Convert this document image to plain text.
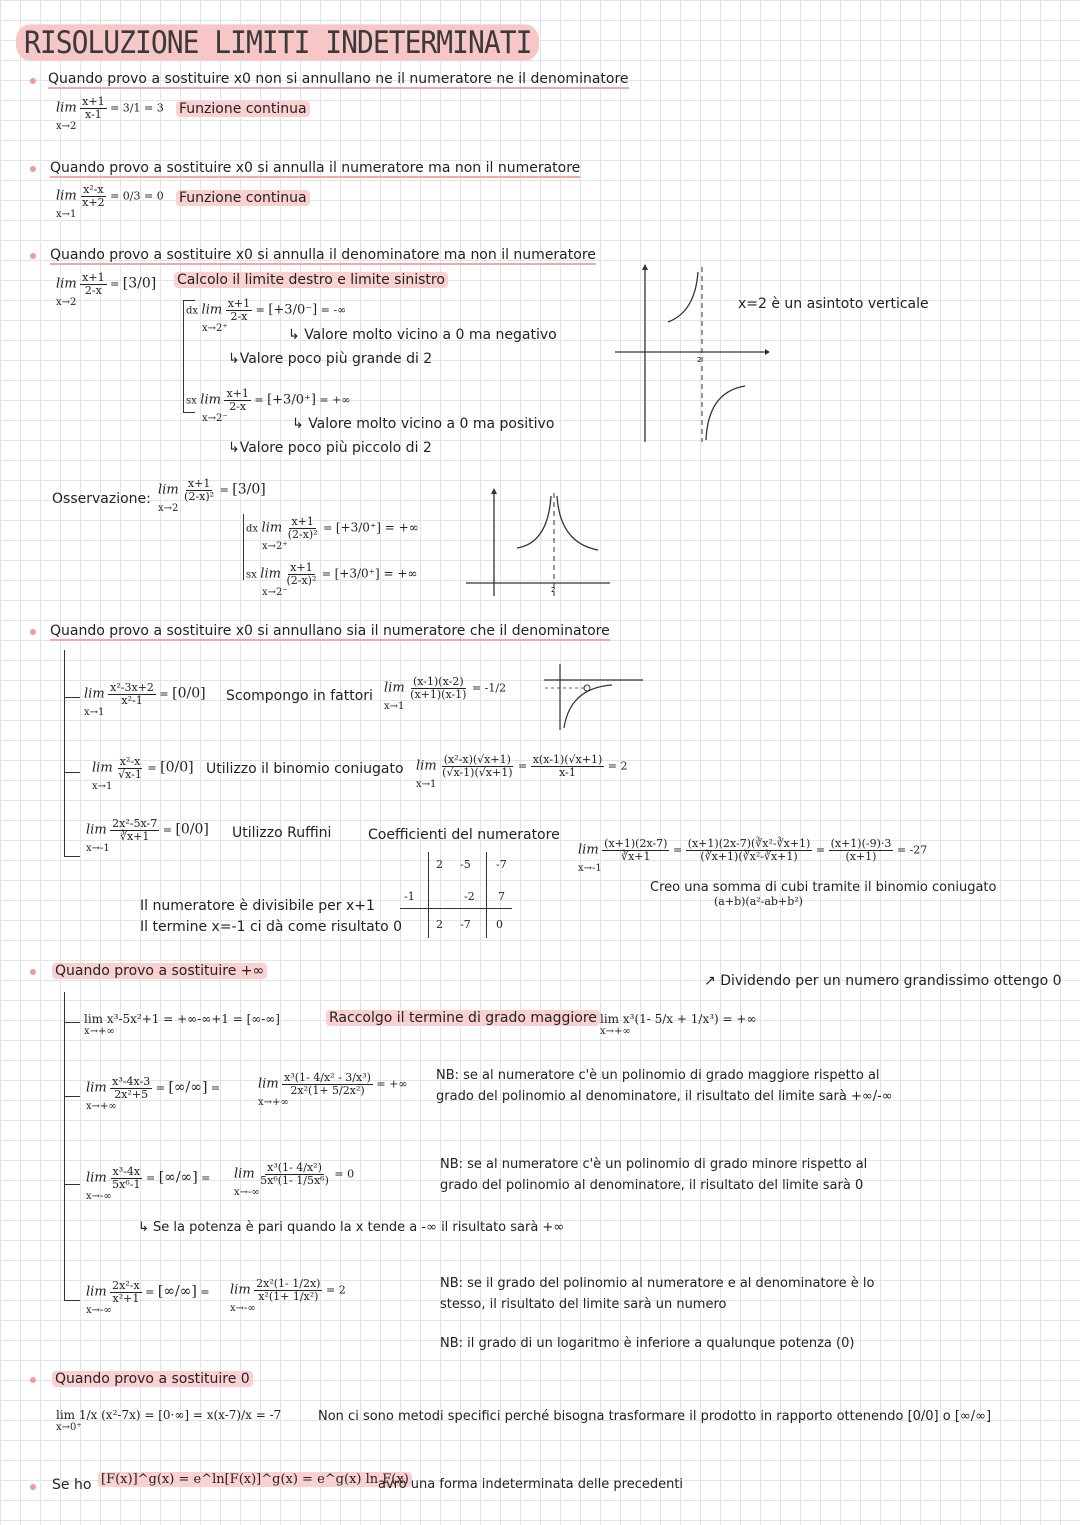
RISOLUZIONE LIMITI INDETERMINATI
Quando provo a sostituire x0 non si annullano ne il numeratore ne il denominatore
$\lim \frac{x+1}{x-1} = 3/1 = 3$
x→2
Funzione continua
Quando provo a sostituire x0 si annulla il numeratore ma non il numeratore
$\lim \frac{\text{x²-x}}{x+2} = 0/3 = 0$
x→1
Funzione continua
Quando provo a sostituire x0 si annulla il denominatore ma non il numeratore
$\lim \frac{x+1}{2-x} = [3/0]$
x→2
Calcolo il limite destro e limite sinistro
dx $\lim \frac{x+1}{2-x} = [+3/0^-]$ = -∞
x→2⁺	↳ Valore molto vicino a 0 ma negativo
↳Valore poco più grande di 2
sx $\lim \frac{x+1}{2-x} = [+3/0^+]$ = +∞
x→2⁻	↳ Valore molto vicino a 0 ma positivo
↳Valore poco più piccolo di 2
2
x=2 è un asintoto verticale
Osservazione:
$\lim \frac{x+1}{\text{(2-x)²}} = [3/0]$
x→2
dx $\lim \frac{x+1}{\text{(2-x)²}} = [+3/0^+]$ = +∞
x→2⁺
sx $\lim \frac{x+1}{\text{(2-x)²}} = [+3/0^+]$ = +∞
x→2⁻	2
Quando provo a sostituire x0 si annullano sia il numeratore che il denominatore
$\lim \frac{\text{x²-3x+2}}{\text{x²-1}} = [0/0]$
x→1
Scompongo in fattori $\lim \frac{(x-1)(x-2)}{(x+1)(x-1)} = -1/2$
x→1
$\lim \frac{\text{x²-x}}{√x-1} = [0/0]$
x→1
Utilizzo il binomio coniugato $\lim \frac{\text{(x²-x)(√x+1)}}{(√x-1)(√x+1)} = \frac{x(x-1)(√x+1)}{x-1} = 2$
x→1
$\lim \frac{\text{2x²-5x-7}}{∛x+1} = [0/0]$
x→-1
Utilizzo Ruffini	Coefficienti del numeratore
2 -5 -7
-1	-2 7
2 -7 0
Il numeratore è divisibile per x+1
Il termine x=-1 ci dà come risultato 0
$\lim \frac{(x+1)(2x-7)}{∛x+1} = \frac{\text{(x+1)(2x-7)(∛x²-∛x+1)}}{\text{(∛x+1)(∛x²-∛x+1)}} = \frac{(x+1)(-9)\cdot 3}{(x+1)} = -27$
x→-1
Creo una somma di cubi tramite il binomio coniugato
(a+b)(a²-ab+b²)
Quando provo a sostituire +∞
↗ Dividendo per un numero grandissimo ottengo 0
lim x³-5x²+1 = +∞-∞+1 = [∞-∞]
x→+∞
Raccolgo il termine di grado maggiore lim x³(1- 5/x + 1/x³) = +∞
x→+∞
$\lim \frac{\text{x³-4x-3}}{\text{2x²+5}}$ = [∞/∞] =
x→+∞
$\lim \frac{\text{x³(1- 4/x² - 3/x³)}}{\text{2x²(1+ 5/2x²)}}$ = +∞
x→+∞
NB: se al numeratore c'è un polinomio di grado maggiore rispetto al
grado del polinomio al denominatore, il risultato del limite sarà +∞/-∞
$\lim \frac{\text{x³-4x}}{\text{5x⁶-1}}$ = [∞/∞] =
x→-∞
$\lim \frac{\text{x³(1- 4/x²)}}{\text{5x⁶(1- 1/5x⁶)}} = 0$
x→-∞
NB: se al numeratore c'è un polinomio di grado minore rispetto al
grado del polinomio al denominatore, il risultato del limite sarà 0
↳ Se la potenza è pari quando la x tende a -∞ il risultato sarà +∞
$\lim \frac{\text{2x²-x}}{\text{x²+1}}$ = [∞/∞] =
x→-∞
$\lim \frac{\text{2x²(1- 1/2x)}}{\text{x²(1+ 1/x²)}} = 2$
x→-∞
NB: se il grado del polinomio al numeratore e al denominatore è lo
stesso, il risultato del limite sarà un numero
NB: il grado di un logaritmo è inferiore a qualunque potenza (0)
Quando provo a sostituire 0
lim 1/x (x²-7x) = [0·∞] = x(x-7)/x = -7
x→0⁺
Non ci sono metodi specifici perché bisogna trasformare il prodotto in rapporto ottenendo [0/0] o [∞/∞]
Se ho [F(x)]^g(x) = e^ln[F(x)]^g(x) = e^g(x) ln F(x)
avrò una forma indeterminata delle precedenti
